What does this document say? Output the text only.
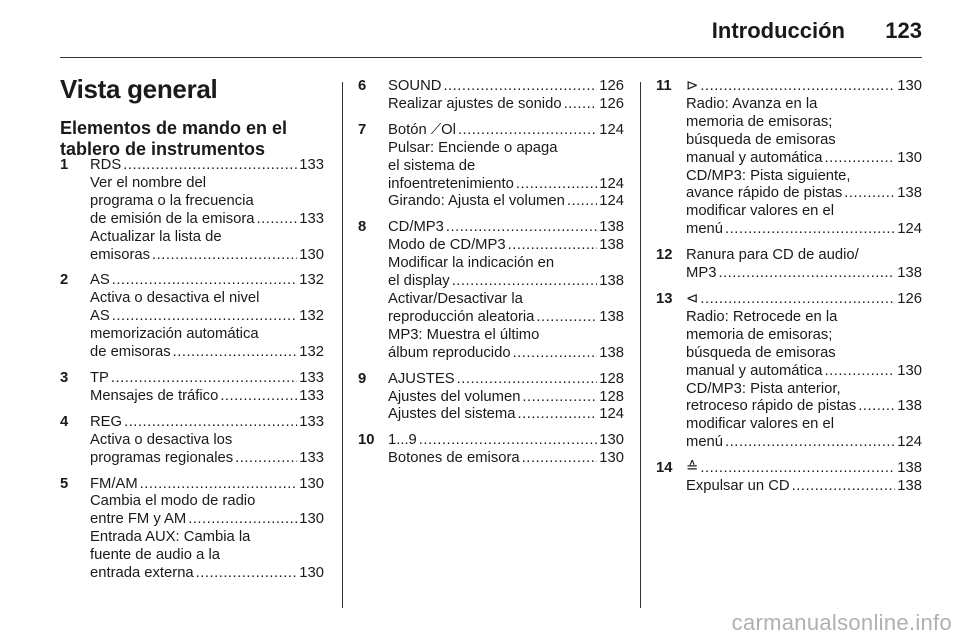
Introducción	123
Vista general
Elementos de mando en el tablero de instrumentos
1 RDS .....	133
Ver el nombre del
programa o la frecuencia
de emisión de la emisora .....	133
Actualizar la lista de
emisoras .....	130
2 AS .....	132
Activa o desactiva el nivel
AS .....	132
memorización automática
de emisoras .....	132
3 TP .....	133
Mensajes de tráfico .....	133
4 REG .....	133
Activa o desactiva los
programas regionales .....	133
5 FM/AM .....	130
Cambia el modo de radio
entre FM y AM .....	130
Entrada AUX: Cambia la
fuente de audio a la
entrada externa .....	130
6 SOUND .....	126
Realizar ajustes de sonido .....	126
7 Botón ⟋Ol .....	124
Pulsar: Enciende o apaga
el sistema de
infoentretenimiento .....	124
Girando: Ajusta el volumen ..... 124
8 CD/MP3 .....	138
Modo de CD/MP3 .....	138
Modificar la indicación en
el display .....	138
Activar/Desactivar la
reproducción aleatoria .....	138
MP3: Muestra el último
álbum reproducido .....	138
9 AJUSTES .....	128
Ajustes del volumen .....	128
Ajustes del sistema .....	124
10 1...9 .....	130
Botones de emisora .....	130
11 ⊳ .....	130
Radio: Avanza en la
memoria de emisoras;
búsqueda de emisoras
manual y automática .....	130
CD/MP3: Pista siguiente,
avance rápido de pistas .....	138
modificar valores en el
menú .....	124
12 Ranura para CD de audio/
MP3 .....	138
13 ⊲ .....	126
Radio: Retrocede en la
memoria de emisoras;
búsqueda de emisoras
manual y automática .....	130
CD/MP3: Pista anterior,
retroceso rápido de pistas .....	138
modificar valores en el
menú .....	124
14 ≙ .....	138
Expulsar un CD .....	138
carmanualsonline.info
